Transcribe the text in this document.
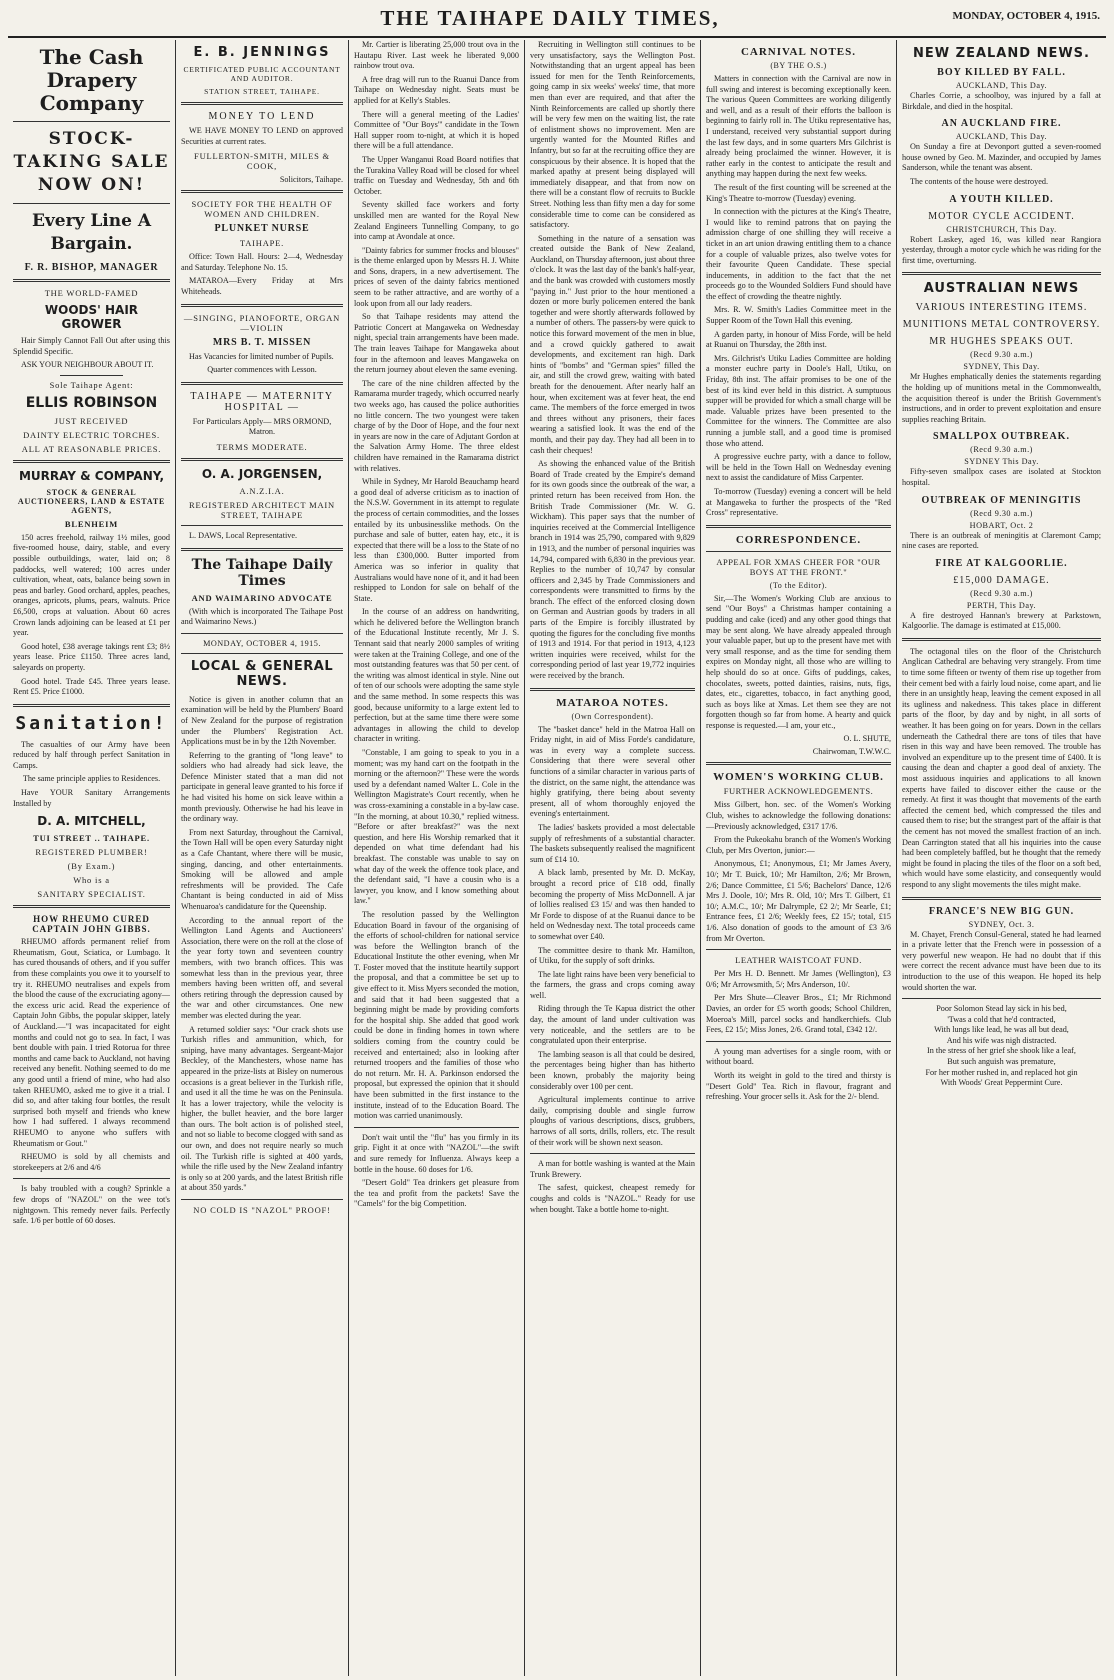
THE TAIHAPE DAILY TIMES,	MONDAY, OCTOBER 4, 1915.
The Cash Drapery Company
STOCK-TAKING SALE NOW ON!
Every Line A Bargain.
F. R. BISHOP, MANAGER
THE WORLD-FAMED
WOODS' HAIR GROWER

Hair Simply Cannot Fall Out after using this Splendid Specific.

ASK YOUR NEIGHBOUR ABOUT IT.

Sole Taihape Agent:
ELLIS ROBINSON
JUST RECEIVED
DAINTY ELECTRIC TORCHES.
ALL AT REASONABLE PRICES.
MURRAY & COMPANY,
STOCK & GENERAL AUCTIONEERS, LAND & ESTATE AGENTS,
BLENHEIM

150 acres freehold, railway 1½ miles, good five-roomed house, dairy, stable, and every possible outbuildings, water, laid on; 8 paddocks, well watered; 100 acres under cultivation, wheat, oats, balance being sown in peas and barley. Good orchard, apples, peaches, oranges, apricots, plums, pears, walnuts. Price £6,500, crops at valuation. About 60 acres Crown lands adjoining can be leased at £1 per year.

Good hotel, £38 average takings rent £3; 8½ years lease. Price £1150. Three acres land, saleyards on property.

Good hotel. Trade £45. Three years lease. Rent £5. Price £1000.

Sanitation!

The casualties of our Army have been reduced by half through perfect Sanitation in Camps.

The same principle applies to Residences.

Have YOUR Sanitary Arrangements Installed by

D. A. MITCHELL,
TUI STREET .. TAIHAPE.
REGISTERED PLUMBER!
(By Exam.)
Who is a
SANITARY SPECIALIST.
HOW RHEUMO CURED CAPTAIN JOHN GIBBS.

RHEUMO affords permanent relief from Rheumatism, Gout, Sciatica, or Lumbago. It has cured thousands of others, and if you suffer from these complaints you owe it to yourself to try it. RHEUMO neutralises and expels from the blood the cause of the excruciating agony—the excess uric acid. Read the experience of Captain John Gibbs, the popular skipper, lately of Auckland.—"I was incapacitated for eight months and could not go to sea. In fact, I was bent double with pain. I tried Rotorua for three months and came back to Auckland, not having received any benefit. Nothing seemed to do me any good until a friend of mine, who had also taken RHEUMO, asked me to give it a trial. I did so, and after taking four bottles, the result surprised both myself and friends who knew how I had suffered. I always recommend RHEUMO to anyone who suffers with Rheumatism or Gout."

RHEUMO is sold by all chemists and storekeepers at 2/6 and 4/6

Is baby troubled with a cough? Sprinkle a few drops of "NAZOL" on the wee tot's nightgown. This remedy never fails. Perfectly safe. 1/6 per bottle of 60 doses.

E. B. JENNINGS
CERTIFICATED PUBLIC ACCOUNTANT AND AUDITOR.
STATION STREET, TAIHAPE.
MONEY TO LEND

WE HAVE MONEY TO LEND on approved Securities at current rates.

FULLERTON-SMITH, MILES & COOK,
Solicitors, Taihape.
SOCIETY FOR THE HEALTH OF WOMEN AND CHILDREN.
PLUNKET NURSE
TAIHAPE.

Office: Town Hall. Hours: 2—4, Wednesday and Saturday. Telephone No. 15.

MATAROA—Every Friday at Mrs Whiteheads.

—SINGING, PIANOFORTE, ORGAN—VIOLIN
MRS B. T. MISSEN

Has Vacancies for limited number of Pupils.

Quarter commences with Lesson.

TAIHAPE — MATERNITY HOSPITAL —

For Particulars Apply— MRS ORMOND, Matron.

TERMS MODERATE.
O. A. JORGENSEN,
A.N.Z.I.A.
REGISTERED ARCHITECT MAIN STREET, TAIHAPE

L. DAWS, Local Representative.

The Taihape Daily Times
AND WAIMARINO ADVOCATE

(With which is incorporated The Taihape Post and Waimarino News.)

MONDAY, OCTOBER 4, 1915.
LOCAL & GENERAL NEWS.

Notice is given in another column that an examination will be held by the Plumbers' Board of New Zealand for the purpose of registration under the Plumbers' Registration Act. Applications must be in by the 12th November.

Referring to the granting of "long leave" to soldiers who had already had sick leave, the Defence Minister stated that a man did not participate in general leave granted to his force if he had visited his home on sick leave within a month previously. Otherwise he had his leave in the ordinary way.

From next Saturday, throughout the Carnival, the Town Hall will be open every Saturday night as a Cafe Chantant, where there will be music, singing, dancing, and other entertainments. Smoking will be allowed and ample refreshments will be provided. The Cafe Chantant is being conducted in aid of Miss Whenuaroa's candidature for the Queenship.

According to the annual report of the Wellington Land Agents and Auctioneers' Association, there were on the roll at the close of the year forty town and seventeen country members, with two branch offices. This was somewhat less than in the previous year, three members having been written off, and several others retiring through the depression caused by the war and other circumstances. One new member was elected during the year.

A returned soldier says: "Our crack shots use Turkish rifles and ammunition, which, for sniping, have many advantages. Sergeant-Major Beckley, of the Manchesters, whose name has appeared in the prize-lists at Bisley on numerous occasions is a great believer in the Turkish rifle, and used it all the time he was on the Peninsula. It has a lower trajectory, while the velocity is higher, the bullet heavier, and the bore larger than ours. The bolt action is of polished steel, and not so liable to become clogged with sand as our own, and does not require nearly so much oil. The Turkish rifle is sighted at 400 yards, while the rifle used by the New Zealand infantry is only so at 200 yards, and the latest British rifle at about 350 yards."

NO COLD IS "NAZOL" PROOF!

Mr. Cartier is liberating 25,000 trout ova in the Hautapu River. Last week he liberated 9,000 rainbow trout ova.

A free drag will run to the Ruanui Dance from Taihape on Wednesday night. Seats must be applied for at Kelly's Stables.

There will a general meeting of the Ladies' Committee of "Our Boys'" candidate in the Town Hall supper room to-night, at which it is hoped there will be a full attendance.

The Upper Wanganui Road Board notifies that the Turakina Valley Road will be closed for wheel traffic on Tuesday and Wednesday, 5th and 6th October.

Seventy skilled face workers and forty unskilled men are wanted for the Royal New Zealand Engineers Tunnelling Company, to go into camp at Avondale at once.

"Dainty fabrics for summer frocks and blouses" is the theme enlarged upon by Messrs H. J. White and Sons, drapers, in a new advertisement. The prices of seven of the dainty fabrics mentioned seem to be rather attractive, and are worthy of a look upon from all our lady readers.

So that Taihape residents may attend the Patriotic Concert at Mangaweka on Wednesday night, special train arrangements have been made. The train leaves Taihape for Mangaweka about four in the afternoon and leaves Mangaweka on the return journey about eleven the same evening.

The care of the nine children affected by the Ramarama murder tragedy, which occurred nearly two weeks ago, has caused the police authorities no little concern. The two youngest were taken charge of by the Door of Hope, and the four next in years are now in the care of Adjutant Gordon at the Salvation Army Home. The three eldest children have remained in the Ramarama district with relatives.

While in Sydney, Mr Harold Beauchamp heard a good deal of adverse criticism as to inaction of the N.S.W. Government in its attempt to regulate the process of certain commodities, and the losses entailed by its unbusinesslike methods. On the purchase and sale of butter, eaten hay, etc., it is expected that there will be a loss to the State of no less than £300,000. Butter imported from America was so inferior in quality that Australians would have none of it, and it had been reshipped to London for sale on behalf of the State.

In the course of an address on handwriting, which he delivered before the Wellington branch of the Educational Institute recently, Mr J. S. Tennant said that nearly 2000 samples of writing were taken at the Training College, and one of the most outstanding features was that 50 per cent. of the writing was almost identical in style. Nine out of ten of our schools were adopting the same style and the same method. In some respects this was good, because uniformity to a large extent led to perfection, but at the same time there were some advantages in allowing the child to develop character in writing.

"Constable, I am going to speak to you in a moment; was my hand cart on the footpath in the morning or the afternoon?" These were the words used by a defendant named Walter L. Cole in the Wellington Magistrate's Court recently, when he was cross-examining a constable in a by-law case. "In the morning, at about 10.30," replied witness. "Before or after breakfast?" was the next question, and here His Worship remarked that it depended on what time defendant had his breakfast. The constable was unable to say on what day of the week the offence took place, and the defendant said, "I have a cousin who is a lawyer, you know, and I know something about law."

The resolution passed by the Wellington Education Board in favour of the organising of the efforts of school-children for national service was before the Wellington branch of the Educational Institute the other evening, when Mr T. Foster moved that the institute heartily support the proposal, and that a committee be set up to give effect to it. Miss Myers seconded the motion, and said that it had been suggested that a beginning might be made by providing comforts for the hospital ship. She added that good work could be done in finding homes in town where soldiers coming from the country could be received and entertained; also in looking after returned troopers and the families of those who do not return. Mr. H. A. Parkinson endorsed the proposal, but expressed the opinion that it should have been submitted in the first instance to the institute, instead of to the Education Board. The motion was carried unanimously.

Don't wait until the "flu" has you firmly in its grip. Fight it at once with "NAZOL"—the swift and sure remedy for Influenza. Always keep a bottle in the house. 60 doses for 1/6.

"Desert Gold" Tea drinkers get pleasure from the tea and profit from the packets! Save the "Camels" for the big Competition.

Recruiting in Wellington still continues to be very unsatisfactory, says the Wellington Post. Notwithstanding that an urgent appeal has been issued for men for the Tenth Reinforcements, going camp in six weeks' weeks' time, that more men than ever are required, and that after the Ninth Reinforcements are called up shortly there will be very few men on the waiting list, the rate of enlistment shows no improvement. Men are urgently wanted for the Mounted Rifles and Infantry, but so far at the recruiting office they are conspicuous by their absence. It is hoped that the marked apathy at present being displayed will immediately disappear, and that from now on there will be a constant flow of recruits to Buckle Street. Nothing less than fifty men a day for some considerable time to come can be considered as satisfactory.

Something in the nature of a sensation was created outside the Bank of New Zealand, Auckland, on Thursday afternoon, just about three o'clock. It was the last day of the bank's half-year, and the bank was crowded with customers mostly "paying in." Just prior to the hour mentioned a dozen or more burly policemen entered the bank together and were shortly afterwards followed by a number of others. The passers-by were quick to notice this forward movement of the men in blue, and a crowd quickly gathered to await developments, and excitement ran high. Dark hints of "bombs" and "German spies" filled the air, and still the crowd grew, waiting with bated breath for the denouement. After nearly half an hour, when excitement was at fever heat, the end came. The members of the force emerged in twos and threes without any prisoners, their faces wearing a satisfied look. It was the end of the month, and their pay day. They had all been in to cash their cheques!

As showing the enhanced value of the British Board of Trade created by the Empire's demand for its own goods since the outbreak of the war, a printed return has been received from Hon. the British Trade Commissioner (Mr. W. G. Wickham). This paper says that the number of inquiries received at the Commercial Intelligence branch in 1914 was 25,790, compared with 9,829 in 1913, and the number of personal inquiries was 14,794, compared with 6,830 in the previous year. Replies to the number of 10,747 by consular officers and 2,345 by Trade Commissioners and correspondents were transmitted to firms by the branch. The effect of the enforced closing down on German and Austrian goods by traders in all parts of the Empire is forcibly illustrated by quoting the figures for the concluding five months of 1913 and 1914. For that period in 1913, 4,123 written inquiries were received, whilst for the corresponding period of last year 19,772 inquiries were received by the branch.

MATAROA NOTES.
(Own Correspondent).

The "basket dance" held in the Matroa Hall on Friday night, in aid of Miss Forde's candidature, was in every way a complete success. Considering that there were several other functions of a similar character in various parts of the district, on the same night, the attendance was highly gratifying, there being about seventy present, all of whom thoroughly enjoyed the evening's entertainment.

The ladies' baskets provided a most delectable supply of refreshments of a substantial character. The baskets subsequently realised the magnificent sum of £14 10.

A black lamb, presented by Mr. D. McKay, brought a record price of £18 odd, finally becoming the property of Miss McDonnell. A jar of lollies realised £3 15/ and was then handed to Mr Forde to dispose of at the Ruanui dance to be held on Wednesday next. The total proceeds came to somewhat over £40.

The committee desire to thank Mr. Hamilton, of Utiku, for the supply of soft drinks.

The late light rains have been very beneficial to the farmers, the grass and crops coming away well.

Riding through the Te Kapua district the other day, the amount of land under cultivation was very noticeable, and the settlers are to be congratulated upon their enterprise.

The lambing season is all that could be desired, the percentages being higher than has hitherto been known, probably the majority being considerably over 100 per cent.

Agricultural implements continue to arrive daily, comprising double and single furrow ploughs of various descriptions, discs, grubbers, harrows of all sorts, drills, rollers, etc. The result of their work will be shown next season.

A man for bottle washing is wanted at the Main Trunk Brewery.

The safest, quickest, cheapest remedy for coughs and colds is "NAZOL." Ready for use when bought. Take a bottle home to-night.

CARNIVAL NOTES.
(BY THE O.S.)

Matters in connection with the Carnival are now in full swing and interest is becoming exceptionally keen. The various Queen Committees are working diligently and well, and as a result of their efforts the balloon is beginning to fairly roll in. The Utiku representative has, I understand, received very substantial support during the last few days, and in some quarters Mrs Gilchrist is already being proclaimed the winner. However, it is rather early in the contest to anticipate the result and anything may happen during the next few weeks.

The result of the first counting will be screened at the King's Theatre to-morrow (Tuesday) evening.

In connection with the pictures at the King's Theatre, I would like to remind patrons that on paying the admission charge of one shilling they will receive a ticket in an art union drawing entitling them to a chance for a couple of valuable prizes, also twelve votes for their favourite Queen Candidate. These special inducements, in addition to the fact that the net proceeds go to the Wounded Soldiers Fund should have the effect of crowding the theatre nightly.

Mrs. R. W. Smith's Ladies Committee meet in the Supper Room of the Town Hall this evening.

A garden party, in honour of Miss Forde, will be held at Ruanui on Thursday, the 28th inst.

Mrs. Gilchrist's Utiku Ladies Committee are holding a monster euchre party in Doole's Hall, Utiku, on Friday, 8th inst. The affair promises to be one of the best of its kind ever held in this district. A sumptuous supper will be provided for which a small charge will be made. Valuable prizes have been presented to the Committee for the winners. The Committee are also running a jumble stall, and a good time is promised those who attend.

A progressive euchre party, with a dance to follow, will be held in the Town Hall on Wednesday evening next to assist the candidature of Miss Carpenter.

To-morrow (Tuesday) evening a concert will be held at Mangaweka to further the prospects of the "Red Cross" representative.

CORRESPONDENCE.
APPEAL FOR XMAS CHEER FOR "OUR BOYS AT THE FRONT."
(To the Editor).

Sir,—The Women's Working Club are anxious to send "Our Boys" a Christmas hamper containing a pudding and cake (iced) and any other good things that may be sent along. We have already appealed through your valuable paper, but up to the present have met with very small response, and as the time for sending them expires on Monday night, all those who are willing to help should do so at once. Gifts of puddings, cakes, chocolates, sweets, potted dainties, raisins, nuts, figs, dates, etc., cigarettes, tobacco, in fact anything good, such as boys like at Xmas. Let them see they are not forgotten though so far from home. A hearty and quick response is requested.—I am, your etc.,

O. L. SHUTE,
Chairwoman, T.W.W.C.
WOMEN'S WORKING CLUB.
FURTHER ACKNOWLEDGEMENTS.

Miss Gilbert, hon. sec. of the Women's Working Club, wishes to acknowledge the following donations:—Previously acknowledged, £317 17/6.

From the Pukeokahu branch of the Women's Working Club, per Mrs Overton, junior:—

Anonymous, £1; Anonymous, £1; Mr James Avery, 10/; Mr T. Buick, 10/; Mr Hamilton, 2/6; Mr Brown, 2/6; Dance Committee, £1 5/6; Bachelors' Dance, 12/6 Mrs J. Doole, 10/; Mrs R. Old, 10/; Mrs T. Gilbert, £1 10/; A.M.C., 10/; Mr Dalrymple, £2 2/; Mr Searle, £1; Entrance fees, £1 2/6; Weekly fees, £2 15/; total, £15 1/6. Also donation of goods to the amount of £3 3/6 from Mr Overton.

LEATHER WAISTCOAT FUND.

Per Mrs H. D. Bennett. Mr James (Wellington), £3 0/6; Mr Arrowsmith, 5/; Mrs Anderson, 10/.

Per Mrs Shute—Cleaver Bros., £1; Mr Richmond Davies, an order for £5 worth goods; School Children, Moeroa's Mill, parcel socks and handkerchiefs. Club Fees, £2 15/; Miss Jones, 2/6. Grand total, £342 12/.

A young man advertises for a single room, with or without board.

Worth its weight in gold to the tired and thirsty is "Desert Gold" Tea. Rich in flavour, fragrant and refreshing. Your grocer sells it. Ask for the 2/- blend.

NEW ZEALAND NEWS.
BOY KILLED BY FALL.
AUCKLAND, This Day.

Charles Corrie, a schoolboy, was injured by a fall at Birkdale, and died in the hospital.

AN AUCKLAND FIRE.
AUCKLAND, This Day.

On Sunday a fire at Devonport gutted a seven-roomed house owned by Geo. M. Mazinder, and occupied by James Sanderson, while the tenant was absent.

The contents of the house were destroyed.

A YOUTH KILLED.
MOTOR CYCLE ACCIDENT.
CHRISTCHURCH, This Day.

Robert Laskey, aged 16, was killed near Rangiora yesterday, through a motor cycle which he was riding for the first time, overturning.

AUSTRALIAN NEWS
VARIOUS INTERESTING ITEMS.
MUNITIONS METAL CONTROVERSY.
MR HUGHES SPEAKS OUT.
(Recd 9.30 a.m.)
SYDNEY, This Day.

Mr Hughes emphatically denies the statements regarding the holding up of munitions metal in the Commonwealth, the acquisition thereof is under the British Government's instructions, and in order to prevent exploitation and ensure supplies reaching Britain.

SMALLPOX OUTBREAK.
(Recd 9.30 a.m.)
SYDNEY This Day.

Fifty-seven smallpox cases are isolated at Stockton hospital.

OUTBREAK OF MENINGITIS
(Recd 9.30 a.m.)
HOBART, Oct. 2

There is an outbreak of meningitis at Claremont Camp; nine cases are reported.

FIRE AT KALGOORLIE.
£15,000 DAMAGE.
(Recd 9.30 a.m.)
PERTH, This Day.

A fire destroyed Hannan's brewery at Parkstown, Kalgoorlie. The damage is estimated at £15,000.

The octagonal tiles on the floor of the Christchurch Anglican Cathedral are behaving very strangely. From time to time some fifteen or twenty of them rise up together from their cement bed with a fairly loud noise, come apart, and lie there in an unsightly heap, leaving the cement exposed in all its ugliness and nakedness. This takes place in different parts of the floor, by day and by night, in all sorts of weather. It has been going on for years. Down in the cellars underneath the Cathedral there are tons of tiles that have risen in this way and have been removed. The trouble has involved an expenditure up to the present time of £400. It is causing the dean and chapter a good deal of anxiety. The most assiduous inquiries and applications to all known experts have failed to discover either the cause or the remedy. At first it was thought that movements of the earth affected the cement bed, which compressed the tiles and caused them to rise; but the strangest part of the affair is that the cement has not moved the smallest fraction of an inch. Dean Carrington stated that all his inquiries into the cause had been completely baffled, but he thought that the remedy might be found in placing the tiles of the floor on a soft bed, which would have some elasticity, and consequently would respond to any slight movements the tiles might make.

FRANCE'S NEW BIG GUN.
SYDNEY, Oct. 3.

M. Chayet, French Consul-General, stated he had learned in a private letter that the French were in possession of a very powerful new weapon. He had no doubt that if this were correct the recent advance must have been due to its introduction to the use of this weapon. He hoped its help would shorten the war.

Poor Solomon Stead lay sick in his bed,

'Twas a cold that he'd contracted,

With lungs like lead, he was all but dead,

And his wife was nigh distracted.

In the stress of her grief she shook like a leaf,

But such anguish was premature,

For her mother rushed in, and replaced hot gin

With Woods' Great Peppermint Cure.
